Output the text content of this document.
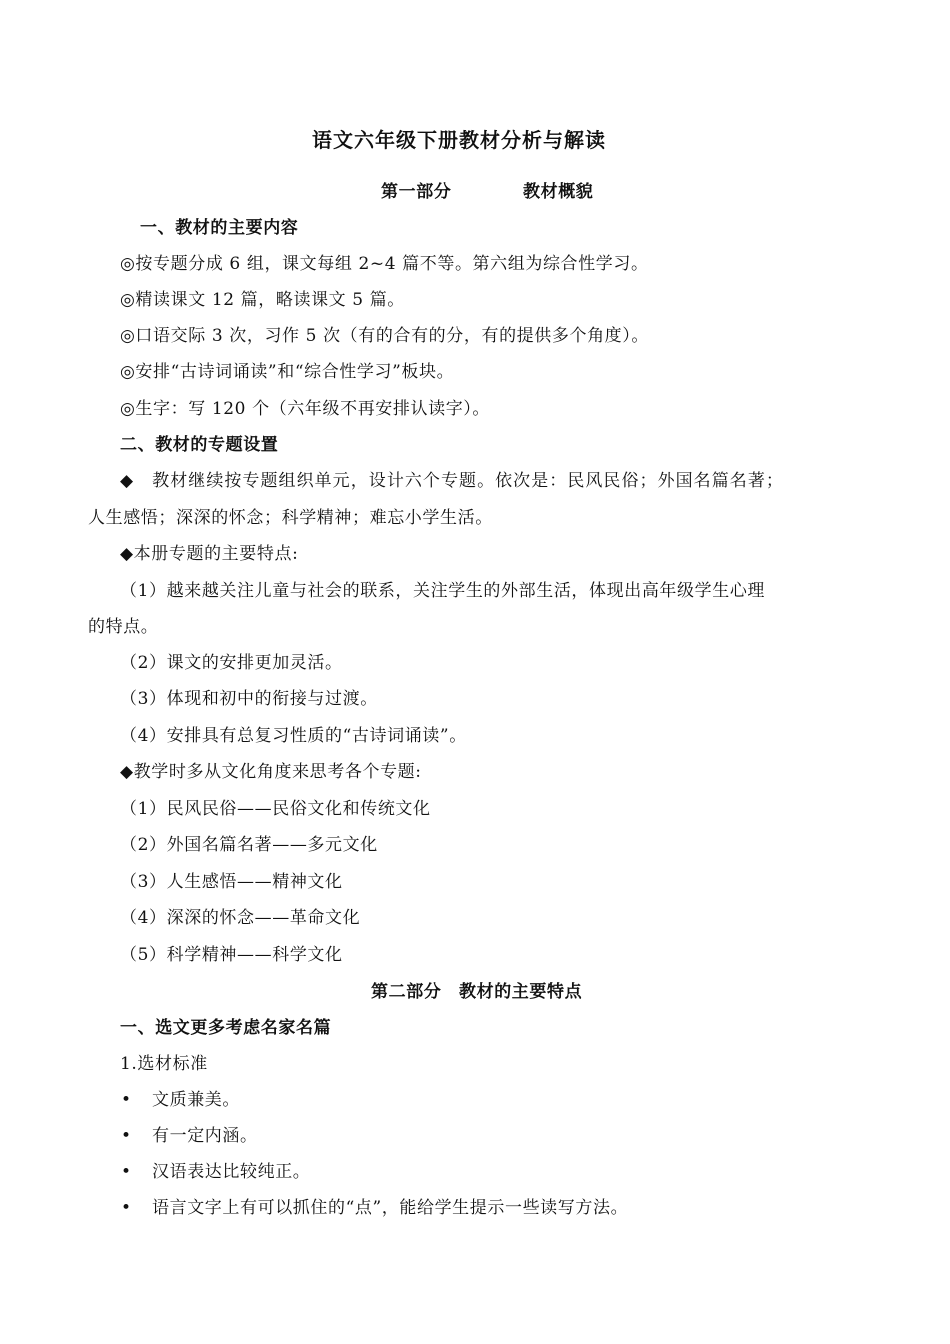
语文六年级下册教材分析与解读
第一部分	教材概貌
一、教材的主要内容
◎按专题分成 6 组，课文每组 2~4 篇不等。第六组为综合性学习。
◎精读课文 12 篇，略读课文 5 篇。
◎口语交际 3 次，习作 5 次（有的合有的分，有的提供多个角度）。
◎安排“古诗词诵读”和“综合性学习”板块。
◎生字：写 120 个（六年级不再安排认读字）。
二、教材的专题设置
◆　教材继续按专题组织单元，设计六个专题。依次是：民风民俗；外国名篇名著；
人生感悟；深深的怀念；科学精神；难忘小学生活。
◆本册专题的主要特点:
（1）越来越关注儿童与社会的联系，关注学生的外部生活，体现出高年级学生心理
的特点。
（2）课文的安排更加灵活。
（3）体现和初中的衔接与过渡。
（4）安排具有总复习性质的“古诗词诵读”。
◆教学时多从文化角度来思考各个专题:
（1）民风民俗——民俗文化和传统文化
（2）外国名篇名著——多元文化
（3）人生感悟——精神文化
（4）深深的怀念——革命文化
（5）科学精神——科学文化
第二部分　教材的主要特点
一、选文更多考虑名家名篇
1.选材标准
• 文质兼美。
• 有一定内涵。
• 汉语表达比较纯正。
• 语言文字上有可以抓住的“点”，能给学生提示一些读写方法。
